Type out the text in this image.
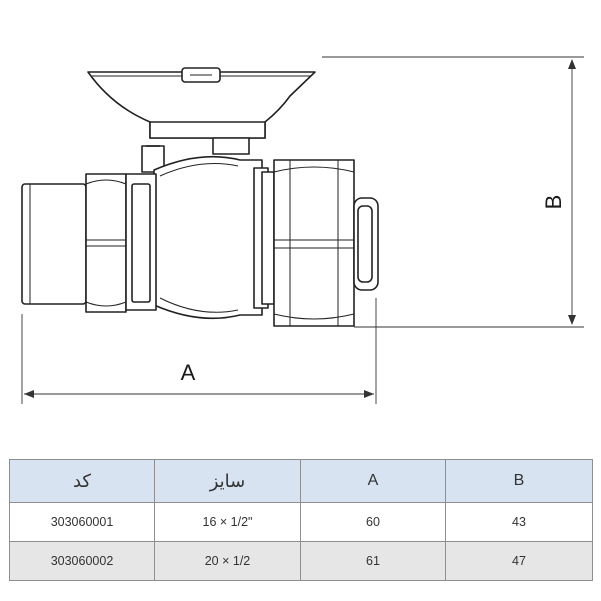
A
B
کد	سایز	A	B
303060001	16 × 1/2"	60	43
303060002	20 × 1/2	61	47
